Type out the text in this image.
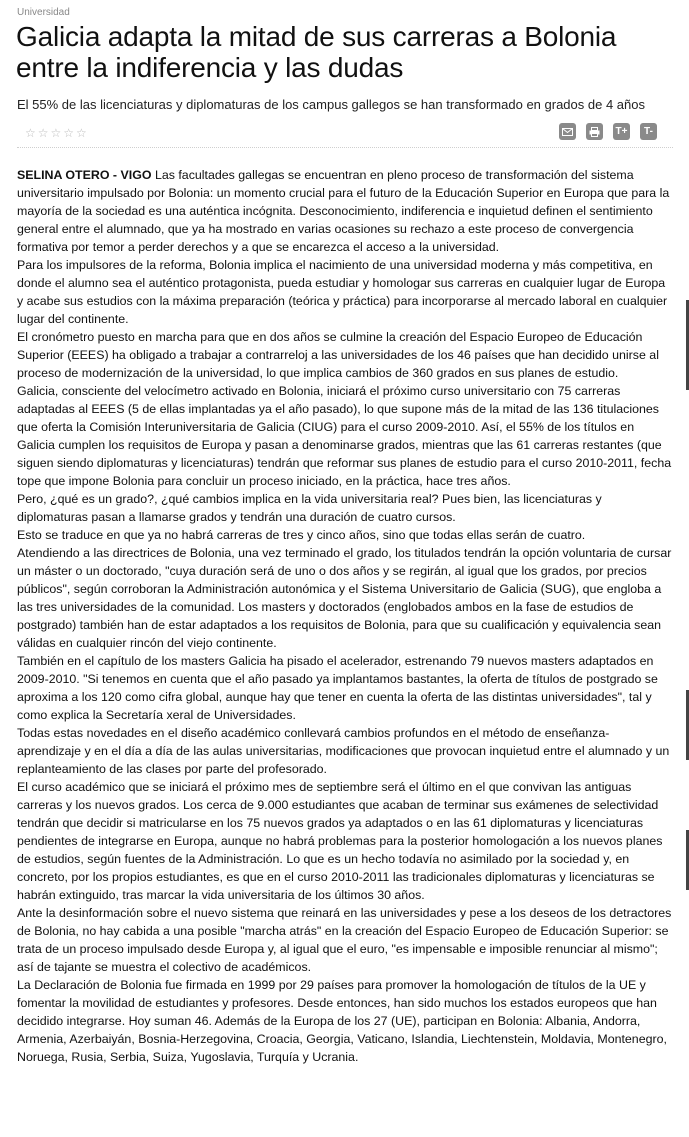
Universidad
Galicia adapta la mitad de sus carreras a Bolonia entre la indiferencia y las dudas
El 55% de las licenciaturas y diplomaturas de los campus gallegos se han transformado en grados de 4 años
☆☆☆☆☆	T+	T-

SELINA OTERO - VIGO Las facultades gallegas se encuentran en pleno proceso de transformación del sistema universitario impulsado por Bolonia: un momento crucial para el futuro de la Educación Superior en Europa que para la mayoría de la sociedad es una auténtica incógnita. Desconocimiento, indiferencia e inquietud definen el sentimiento general entre el alumnado, que ya ha mostrado en varias ocasiones su rechazo a este proceso de convergencia formativa por temor a perder derechos y a que se encarezca el acceso a la universidad.

Para los impulsores de la reforma, Bolonia implica el nacimiento de una universidad moderna y más competitiva, en donde el alumno sea el auténtico protagonista, pueda estudiar y homologar sus carreras en cualquier lugar de Europa y acabe sus estudios con la máxima preparación (teórica y práctica) para incorporarse al mercado laboral en cualquier lugar del continente.

El cronómetro puesto en marcha para que en dos años se culmine la creación del Espacio Europeo de Educación Superior (EEES) ha obligado a trabajar a contrarreloj a las universidades de los 46 países que han decidido unirse al proceso de modernización de la universidad, lo que implica cambios de 360 grados en sus planes de estudio.

Galicia, consciente del velocímetro activado en Bolonia, iniciará el próximo curso universitario con 75 carreras adaptadas al EEES (5 de ellas implantadas ya el año pasado), lo que supone más de la mitad de las 136 titulaciones que oferta la Comisión Interuniversitaria de Galicia (CIUG) para el curso 2009-2010. Así, el 55% de los títulos en Galicia cumplen los requisitos de Europa y pasan a denominarse grados, mientras que las 61 carreras restantes (que siguen siendo diplomaturas y licenciaturas) tendrán que reformar sus planes de estudio para el curso 2010-2011, fecha tope que impone Bolonia para concluir un proceso iniciado, en la práctica, hace tres años.

Pero, ¿qué es un grado?, ¿qué cambios implica en la vida universitaria real? Pues bien, las licenciaturas y diplomaturas pasan a llamarse grados y tendrán una duración de cuatro cursos.

Esto se traduce en que ya no habrá carreras de tres y cinco años, sino que todas ellas serán de cuatro.

Atendiendo a las directrices de Bolonia, una vez terminado el grado, los titulados tendrán la opción voluntaria de cursar un máster o un doctorado, "cuya duración será de uno o dos años y se regirán, al igual que los grados, por precios públicos", según corroboran la Administración autonómica y el Sistema Universitario de Galicia (SUG), que engloba a las tres universidades de la comunidad. Los masters y doctorados (englobados ambos en la fase de estudios de postgrado) también han de estar adaptados a los requisitos de Bolonia, para que su cualificación y equivalencia sean válidas en cualquier rincón del viejo continente.

También en el capítulo de los masters Galicia ha pisado el acelerador, estrenando 79 nuevos masters adaptados en 2009-2010. "Si tenemos en cuenta que el año pasado ya implantamos bastantes, la oferta de títulos de postgrado se aproxima a los 120 como cifra global, aunque hay que tener en cuenta la oferta de las distintas universidades", tal y como explica la Secretaría xeral de Universidades.

Todas estas novedades en el diseño académico conllevará cambios profundos en el método de enseñanza-aprendizaje y en el día a día de las aulas universitarias, modificaciones que provocan inquietud entre el alumnado y un replanteamiento de las clases por parte del profesorado.

El curso académico que se iniciará el próximo mes de septiembre será el último en el que convivan las antiguas carreras y los nuevos grados. Los cerca de 9.000 estudiantes que acaban de terminar sus exámenes de selectividad tendrán que decidir si matricularse en los 75 nuevos grados ya adaptados o en las 61 diplomaturas y licenciaturas pendientes de integrarse en Europa, aunque no habrá problemas para la posterior homologación a los nuevos planes de estudios, según fuentes de la Administración. Lo que es un hecho todavía no asimilado por la sociedad y, en concreto, por los propios estudiantes, es que en el curso 2010-2011 las tradicionales diplomaturas y licenciaturas se habrán extinguido, tras marcar la vida universitaria de los últimos 30 años.

Ante la desinformación sobre el nuevo sistema que reinará en las universidades y pese a los deseos de los detractores de Bolonia, no hay cabida a una posible "marcha atrás" en la creación del Espacio Europeo de Educación Superior: se trata de un proceso impulsado desde Europa y, al igual que el euro, "es impensable e imposible renunciar al mismo"; así de tajante se muestra el colectivo de académicos.

La Declaración de Bolonia fue firmada en 1999 por 29 países para promover la homologación de títulos de la UE y fomentar la movilidad de estudiantes y profesores. Desde entonces, han sido muchos los estados europeos que han decidido integrarse. Hoy suman 46. Además de la Europa de los 27 (UE), participan en Bolonia: Albania, Andorra, Armenia, Azerbaiyán, Bosnia-Herzegovina, Croacia, Georgia, Vaticano, Islandia, Liechtenstein, Moldavia, Montenegro, Noruega, Rusia, Serbia, Suiza, Yugoslavia, Turquía y Ucrania.
